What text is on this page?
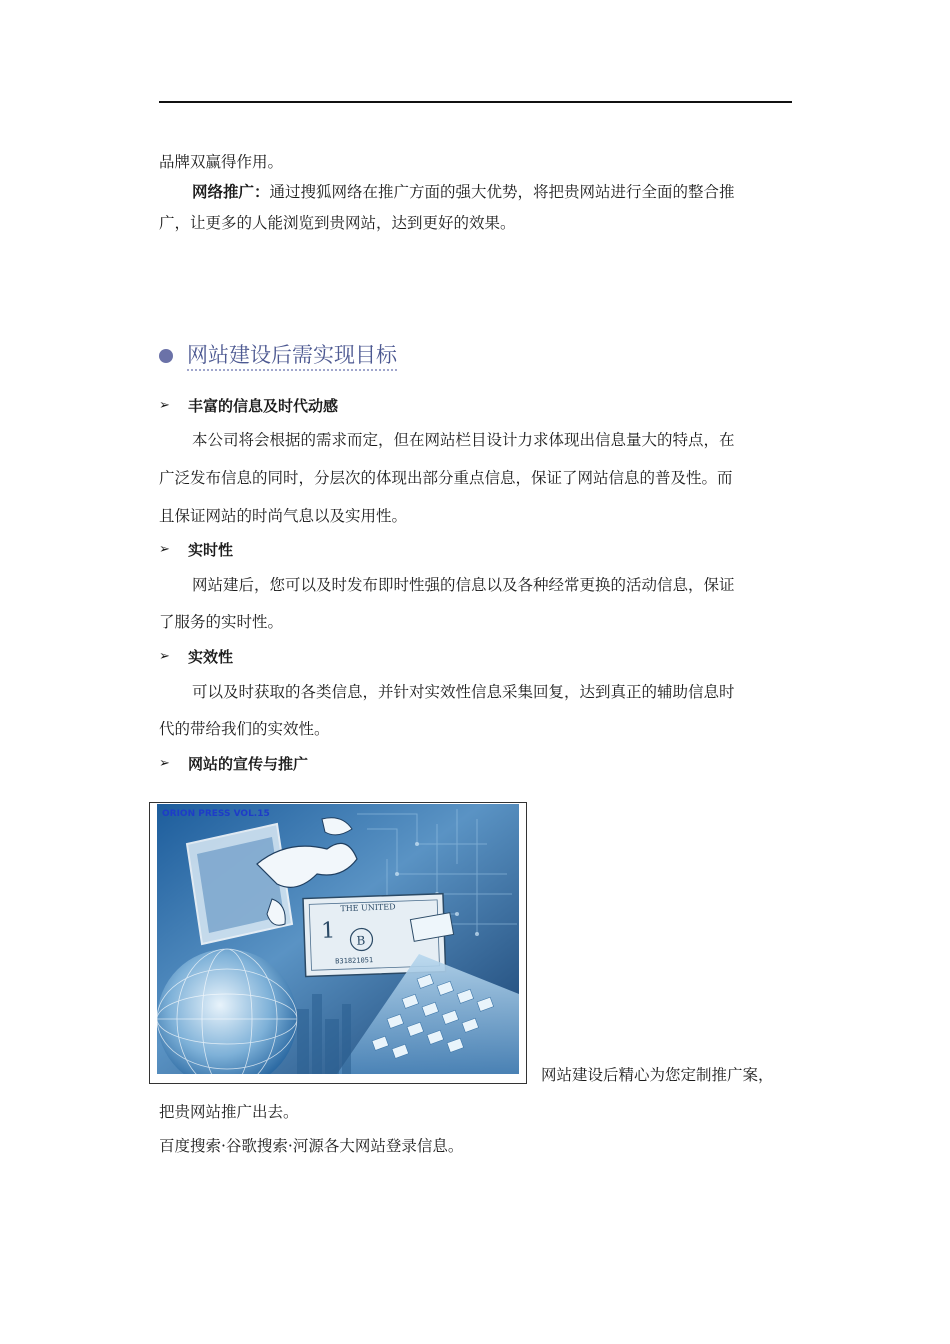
品牌双赢得作用。
网络推广：通过搜狐网络在推广方面的强大优势，将把贵网站进行全面的整合推
广，让更多的人能浏览到贵网站，达到更好的效果。
网站建设后需实现目标
➢	丰富的信息及时代动感
本公司将会根据的需求而定，但在网站栏目设计力求体现出信息量大的特点，在
广泛发布信息的同时，分层次的体现出部分重点信息，保证了网站信息的普及性。而
且保证网站的时尚气息以及实用性。
➢	实时性
网站建后，您可以及时发布即时性强的信息以及各种经常更换的活动信息，保证
了服务的实时性。
➢	实效性
可以及时获取的各类信息，并针对实效性信息采集回复，达到真正的辅助信息时
代的带给我们的实效性。
➢	网站的宣传与推广
B
1
THE UNITED
B31821051
ORION PRESS VOL.15
网站建设后精心为您定制推广案，
把贵网站推广出去。
百度搜索·谷歌搜索·河源各大网站登录信息。
